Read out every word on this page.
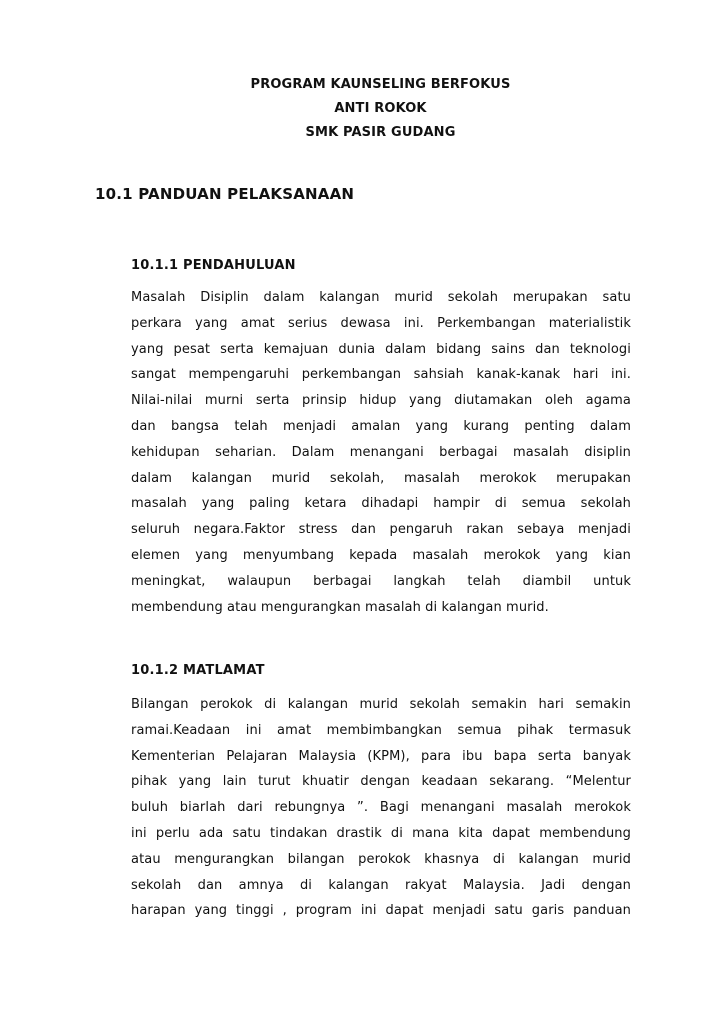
PROGRAM KAUNSELING BERFOKUS
ANTI ROKOK
SMK PASIR GUDANG
10.1 PANDUAN PELAKSANAAN
10.1.1 PENDAHULUAN
Masalah Disiplin dalam kalangan murid sekolah merupakan satu
perkara yang amat serius dewasa ini. Perkembangan materialistik
yang pesat serta kemajuan dunia dalam bidang sains dan teknologi
sangat mempengaruhi perkembangan sahsiah kanak-kanak hari ini.
Nilai-nilai murni serta prinsip hidup yang diutamakan oleh agama
dan bangsa telah menjadi amalan yang kurang penting dalam
kehidupan seharian. Dalam menangani berbagai masalah disiplin
dalam kalangan murid sekolah, masalah merokok merupakan
masalah yang paling ketara dihadapi hampir di semua sekolah
seluruh negara.Faktor stress dan pengaruh rakan sebaya menjadi
elemen yang menyumbang kepada masalah merokok yang kian
meningkat, walaupun berbagai langkah telah diambil untuk
membendung atau mengurangkan masalah di kalangan murid.
10.1.2 MATLAMAT
Bilangan perokok di kalangan murid sekolah semakin hari semakin
ramai.Keadaan ini amat membimbangkan semua pihak termasuk
Kementerian Pelajaran Malaysia (KPM), para ibu bapa serta banyak
pihak yang lain turut khuatir dengan keadaan sekarang. “Melentur
buluh biarlah dari rebungnya ”. Bagi menangani masalah merokok
ini perlu ada satu tindakan drastik di mana kita dapat membendung
atau mengurangkan bilangan perokok khasnya di kalangan murid
sekolah dan amnya di kalangan rakyat Malaysia. Jadi dengan
harapan yang tinggi , program ini dapat menjadi satu garis panduan
